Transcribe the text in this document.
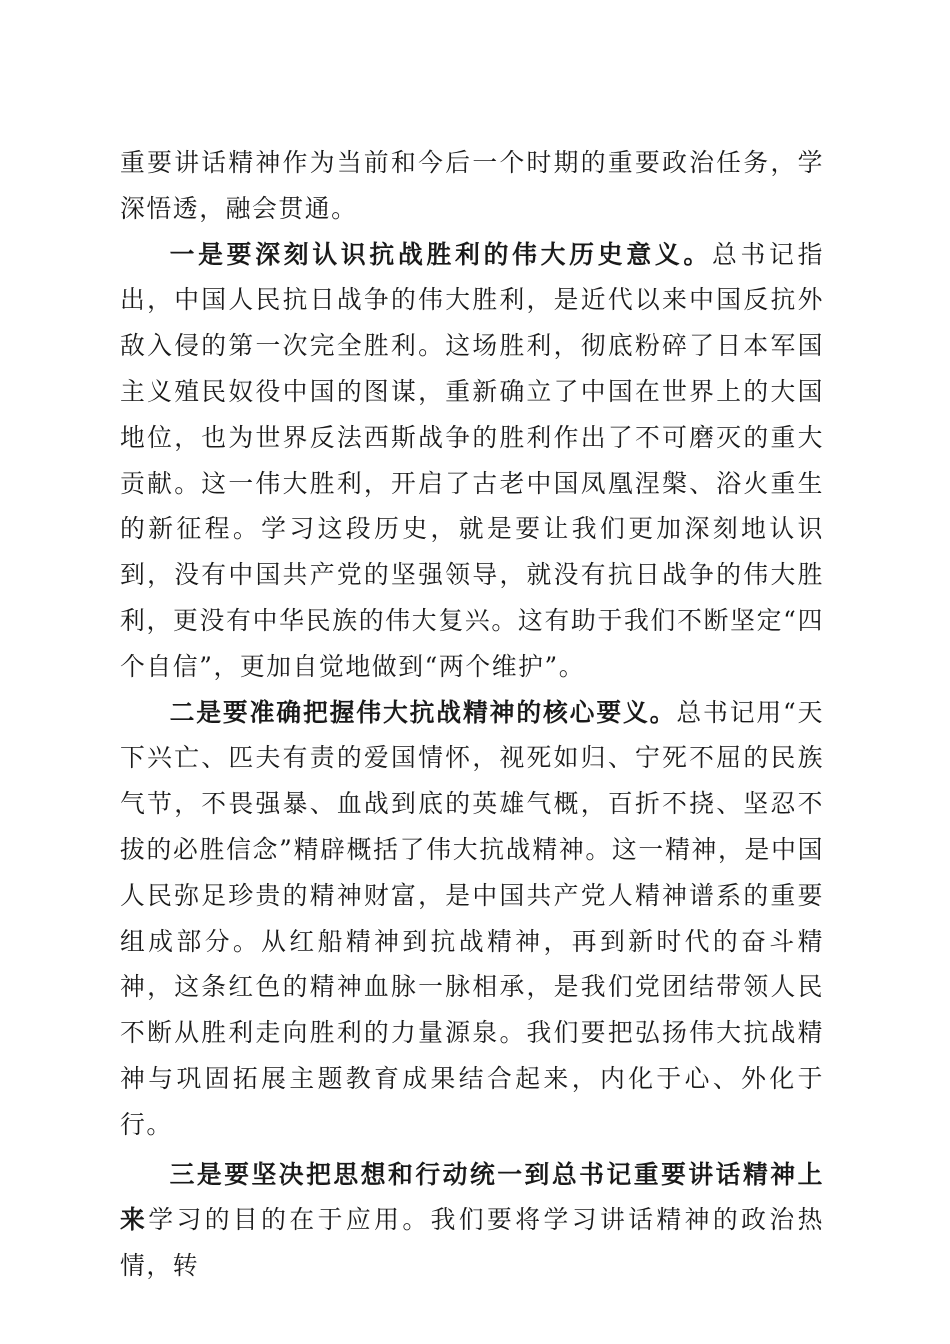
重要讲话精神作为当前和今后一个时期的重要政治任务，学深悟透，融会贯通。

一是要深刻认识抗战胜利的伟大历史意义。总书记指出，中国人民抗日战争的伟大胜利，是近代以来中国反抗外敌入侵的第一次完全胜利。这场胜利，彻底粉碎了日本军国主义殖民奴役中国的图谋，重新确立了中国在世界上的大国地位，也为世界反法西斯战争的胜利作出了不可磨灭的重大贡献。这一伟大胜利，开启了古老中国凤凰涅槃、浴火重生的新征程。学习这段历史，就是要让我们更加深刻地认识到，没有中国共产党的坚强领导，就没有抗日战争的伟大胜利，更没有中华民族的伟大复兴。这有助于我们不断坚定“四个自信”，更加自觉地做到“两个维护”。

二是要准确把握伟大抗战精神的核心要义。总书记用“天下兴亡、匹夫有责的爱国情怀，视死如归、宁死不屈的民族气节，不畏强暴、血战到底的英雄气概，百折不挠、坚忍不拔的必胜信念”精辟概括了伟大抗战精神。这一精神，是中国人民弥足珍贵的精神财富，是中国共产党人精神谱系的重要组成部分。从红船精神到抗战精神，再到新时代的奋斗精神，这条红色的精神血脉一脉相承，是我们党团结带领人民不断从胜利走向胜利的力量源泉。我们要把弘扬伟大抗战精神与巩固拓展主题教育成果结合起来，内化于心、外化于行。

三是要坚决把思想和行动统一到总书记重要讲话精神上来学习的目的在于应用。我们要将学习讲话精神的政治热情，转
